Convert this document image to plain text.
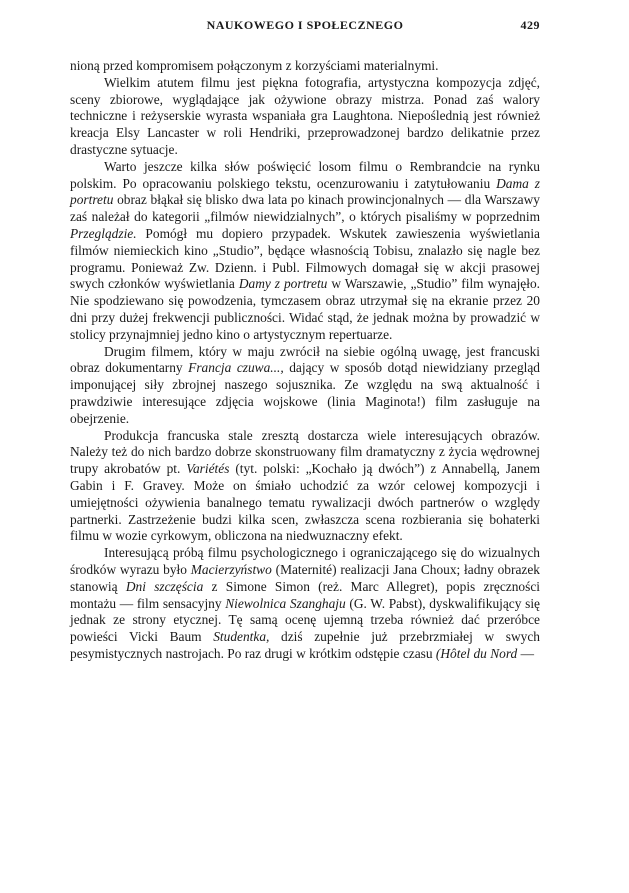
NAUKOWEGO I SPOŁECZNEGO	429

nioną przed kompromisem połączonym z korzyściami materialnymi.

Wielkim atutem filmu jest piękna fotografia, artystyczna kompozycja zdjęć, sceny zbiorowe, wyglądające jak ożywione obrazy mistrza. Ponad zaś walory techniczne i reżyserskie wyrasta wspaniała gra Laughtona. Niepoślednią jest również kreacja Elsy Lancaster w roli Hendriki, przeprowadzonej bardzo delikatnie przez drastyczne sytuacje.

Warto jeszcze kilka słów poświęcić losom filmu o Rembrandcie na rynku polskim. Po opracowaniu polskiego tekstu, ocenzurowaniu i zatytułowaniu Dama z portretu obraz błąkał się blisko dwa lata po kinach prowincjonalnych — dla Warszawy zaś należał do kategorii „filmów niewidzialnych”, o których pisaliśmy w poprzednim Przeglądzie. Pomógł mu dopiero przypadek. Wskutek zawieszenia wyświetlania filmów niemieckich kino „Studio”, będące własnością Tobisu, znalazło się nagle bez programu. Ponieważ Zw. Dzienn. i Publ. Filmowych domagał się w akcji prasowej swych członków wyświetlania Damy z portretu w Warszawie, „Studio” film wynajęło. Nie spodziewano się powodzenia, tymczasem obraz utrzymał się na ekranie przez 20 dni przy dużej frekwencji publiczności. Widać stąd, że jednak można by prowadzić w stolicy przynajmniej jedno kino o artystycznym repertuarze.

Drugim filmem, który w maju zwrócił na siebie ogólną uwagę, jest francuski obraz dokumentarny Francja czuwa..., dający w sposób dotąd niewidziany przegląd imponującej siły zbrojnej naszego sojusznika. Ze względu na swą aktualność i prawdziwie interesujące zdjęcia wojskowe (linia Maginota!) film zasługuje na obejrzenie.

Produkcja francuska stale zresztą dostarcza wiele interesujących obrazów. Należy też do nich bardzo dobrze skonstruowany film dramatyczny z życia wędrownej trupy akrobatów pt. Variétés (tyt. polski: „Kochało ją dwóch”) z Annabellą, Janem Gabin i F. Gravey. Może on śmiało uchodzić za wzór celowej kompozycji i umiejętności ożywienia banalnego tematu rywalizacji dwóch partnerów o względy partnerki. Zastrzeżenie budzi kilka scen, zwłaszcza scena rozbierania się bohaterki filmu w wozie cyrkowym, obliczona na niedwuznaczny efekt.

Interesującą próbą filmu psychologicznego i ograniczającego się do wizualnych środków wyrazu było Macierzyństwo (Maternité) realizacji Jana Choux; ładny obrazek stanowią Dni szczęścia z Simone Simon (reż. Marc Allegret), popis zręczności montażu — film sensacyjny Niewolnica Szanghaju (G. W. Pabst), dyskwalifikujący się jednak ze strony etycznej. Tę samą ocenę ujemną trzeba również dać przeróbce powieści Vicki Baum Studentka, dziś zupełnie już przebrzmiałej w swych pesymistycznych nastrojach. Po raz drugi w krótkim odstępie czasu (Hôtel du Nord —
